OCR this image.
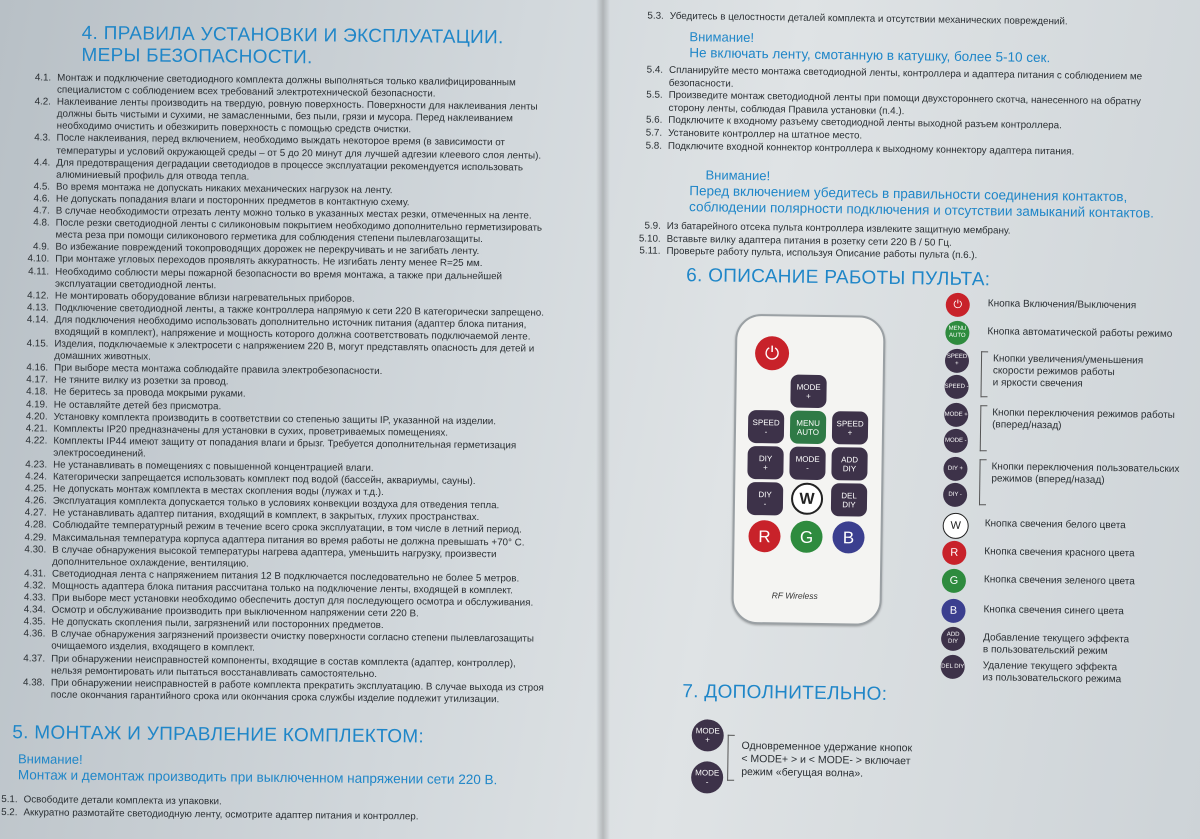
4. ПРАВИЛА УСТАНОВКИ И ЭКСПЛУАТАЦИИ.
МЕРЫ БЕЗОПАСНОСТИ.
4.1. Монтаж и подключение светодиодного комплекта должны выполняться только квалифицированным
специалистом с соблюдением всех требований электротехнической безопасности.
4.2. Наклеивание ленты производить на твердую, ровную поверхность. Поверхности для наклеивания ленты
должны быть чистыми и сухими, не замасленными, без пыли, грязи и мусора. Перед наклеиванием
необходимо очистить и обезжирить поверхность с помощью средств очистки.
4.3. После наклеивания, перед включением, необходимо выждать некоторое время (в зависимости от
температуры и условий окружающей среды – от 5 до 20 минут для лучшей адгезии клеевого слоя ленты).
4.4. Для предотвращения деградации светодиодов в процессе эксплуатации рекомендуется использовать
алюминиевый профиль для отвода тепла.
4.5. Во время монтажа не допускать никаких механических нагрузок на ленту.
4.6. Не допускать попадания влаги и посторонних предметов в контактную схему.
4.7. В случае необходимости отрезать ленту можно только в указанных местах резки, отмеченных на ленте.
4.8. После резки светодиодной ленты с силиконовым покрытием необходимо дополнительно герметизировать
места реза при помощи силиконового герметика для соблюдения степени пылевлагозащиты.
4.9. Во избежание повреждений токопроводящих дорожек не перекручивать и не загибать ленту.
4.10. При монтаже угловых переходов проявлять аккуратность. Не изгибать ленту менее R=25 мм.
4.11. Необходимо соблюсти меры пожарной безопасности во время монтажа, а также при дальнейшей
эксплуатации светодиодной ленты.
4.12. Не монтировать оборудование вблизи нагревательных приборов.
4.13. Подключение светодиодной ленты, а также контроллера напрямую к сети 220 В категорически запрещено.
4.14. Для подключения необходимо использовать дополнительно источник питания (адаптер блока питания,
входящий в комплект), напряжение и мощность которого должна соответствовать подключаемой ленте.
4.15. Изделия, подключаемые к электросети с напряжением 220 В, могут представлять опасность для детей и
домашних животных.
4.16. При выборе места монтажа соблюдайте правила электробезопасности.
4.17. Не тяните вилку из розетки за провод.
4.18. Не беритесь за провода мокрыми руками.
4.19. Не оставляйте детей без присмотра.
4.20. Установку комплекта производить в соответствии со степенью защиты IP, указанной на изделии.
4.21. Комплекты IP20 предназначены для установки в сухих, проветриваемых помещениях.
4.22. Комплекты IP44 имеют защиту от попадания влаги и брызг. Требуется дополнительная герметизация
электросоединений.
4.23. Не устанавливать в помещениях с повышенной концентрацией влаги.
4.24. Категорически запрещается использовать комплект под водой (бассейн, аквариумы, сауны).
4.25. Не допускать монтаж комплекта в местах скопления воды (лужах и т.д.).
4.26. Эксплуатация комплекта допускается только в условиях конвекции воздуха для отведения тепла.
4.27. Не устанавливать адаптер питания, входящий в комплект, в закрытых, глухих пространствах.
4.28. Соблюдайте температурный режим в течение всего срока эксплуатации, в том числе в летний период.
4.29. Максимальная температура корпуса адаптера питания во время работы не должна превышать +70° С.
4.30. В случае обнаружения высокой температуры нагрева адаптера, уменьшить нагрузку, произвести
дополнительное охлаждение, вентиляцию.
4.31. Светодиодная лента с напряжением питания 12 В подключается последовательно не более 5 метров.
4.32. Мощность адаптера блока питания рассчитана только на подключение ленты, входящей в комплект.
4.33. При выборе мест установки необходимо обеспечить доступ для последующего осмотра и обслуживания.
4.34. Осмотр и обслуживание производить при выключенном напряжении сети 220 В.
4.35. Не допускать скопления пыли, загрязнений или посторонних предметов.
4.36. В случае обнаружения загрязнений произвести очистку поверхности согласно степени пылевлагозащиты
очищаемого изделия, входящего в комплект.
4.37. При обнаружении неисправностей компоненты, входящие в состав комплекта (адаптер, контроллер),
нельзя ремонтировать или пытаться восстанавливать самостоятельно.
4.38. При обнаружении неисправностей в работе комплекта прекратить эксплуатацию. В случае выхода из строя
после окончания гарантийного срока или окончания срока службы изделие подлежит утилизации.
5. МОНТАЖ И УПРАВЛЕНИЕ КОМПЛЕКТОМ:
Внимание!
Монтаж и демонтаж производить при выключенном напряжении сети 220 В.
5.1. Освободите детали комплекта из упаковки.
5.2. Аккуратно размотайте светодиодную ленту, осмотрите адаптер питания и контроллер.
5.3. Убедитесь в целостности деталей комплекта и отсутствии механических повреждений.
Внимание!
Не включать ленту, смотанную в катушку, более 5-10 сек.
5.4. Спланируйте место монтажа светодиодной ленты, контроллера и адаптера питания с соблюдением ме
безопасности.
5.5. Произведите монтаж светодиодной ленты при помощи двухстороннего скотча, нанесенного на обратну
сторону ленты, соблюдая Правила установки (п.4.).
5.6. Подключите к входному разъему светодиодной ленты выходной разъем контроллера.
5.7. Установите контроллер на штатное место.
5.8. Подключите входной коннектор контроллера к выходному коннектору адаптера питания.
Внимание!
Перед включением убедитесь в правильности соединения контактов,
соблюдении полярности подключения и отсутствии замыканий контактов.
5.9. Из батарейного отсека пульта контроллера извлеките защитную мембрану.
5.10. Вставьте вилку адаптера питания в розетку сети 220 В / 50 Гц.
5.11. Проверьте работу пульта, используя Описание работы пульта (п.6.).
6. ОПИСАНИЕ РАБОТЫ ПУЛЬТА:
⏻
MODE
+
SPEED
-
MENU
AUTO
SPEED
+
DIY
+
MODE
-
ADD
DIY
DIY
-	W	DEL
DIY
R	G	B
RF Wireless
⏻	Кнопка Включения/Выключения
MENU
AUTO	Кнопка автоматической работы режимо
SPEED +
SPEED -
Кнопки увеличения/уменьшения
скорости режимов работы
и яркости свечения
MODE +
MODE -
Кнопки переключения режимов работы
(вперед/назад)
DIY +
DIY -
Кнопки переключения пользовательских
режимов (вперед/назад)
W	Кнопка свечения белого цвета
R	Кнопка свечения красного цвета
G	Кнопка свечения зеленого цвета
B	Кнопка свечения синего цвета
ADD DIY	Добавление текущего эффекта
в пользовательский режим
DEL DIY Удаление текущего эффекта
из пользовательского режима
7. ДОПОЛНИТЕЛЬНО:
MODE
+
MODE
-
Одновременное удержание кнопок
< MODE+ > и < MODE- > включает
режим «бегущая волна».
